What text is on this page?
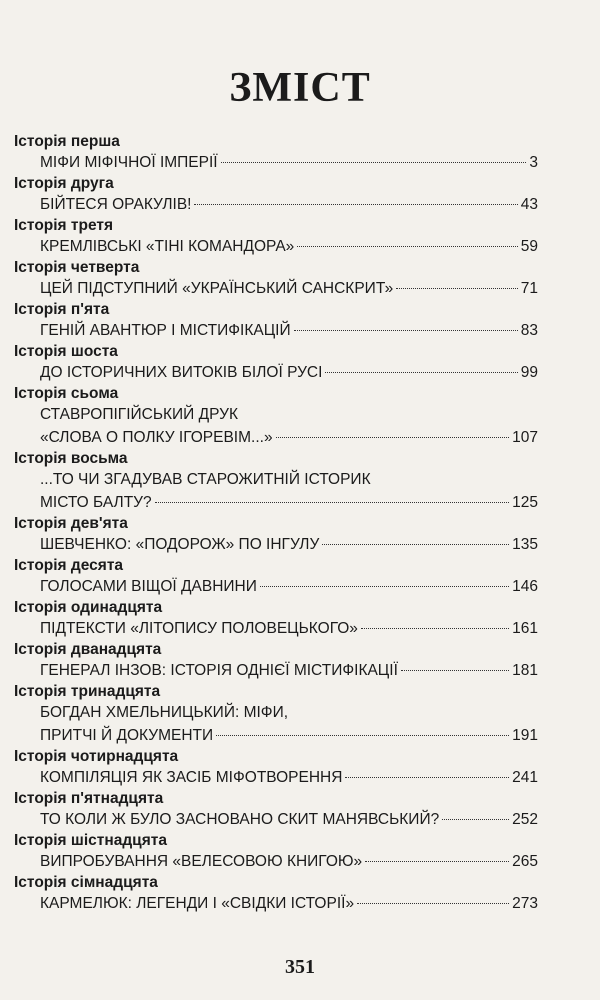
ЗМІСТ
Історія перша
МІФИ МІФІЧНОЇ ІМПЕРІЇ	3
Історія друга
БІЙТЕСЯ ОРАКУЛІВ!	43
Історія третя
КРЕМЛІВСЬКІ «ТІНІ КОМАНДОРА»	59
Історія четверта
ЦЕЙ ПІДСТУПНИЙ «УКРАЇНСЬКИЙ САНСКРИТ»	71
Історія п'ята
ГЕНІЙ АВАНТЮР І МІСТИФІКАЦІЙ	83
Історія шоста
ДО ІСТОРИЧНИХ ВИТОКІВ БІЛОЇ РУСІ	99
Історія сьома
СТАВРОПІГІЙСЬКИЙ ДРУК
«СЛОВА О ПОЛКУ ІГОРЕВІМ...»	107
Історія восьма
...ТО ЧИ ЗГАДУВАВ СТАРОЖИТНІЙ ІСТОРИК
МІСТО БАЛТУ?	125
Історія дев'ята
ШЕВЧЕНКО: «ПОДОРОЖ» ПО ІНГУЛУ	135
Історія десята
ГОЛОСАМИ ВІЩОЇ ДАВНИНИ	146
Історія одинадцята
ПІДТЕКСТИ «ЛІТОПИСУ ПОЛОВЕЦЬКОГО»	161
Історія дванадцята
ГЕНЕРАЛ ІНЗОВ: ІСТОРІЯ ОДНІЄЇ МІСТИФІКАЦІЇ	181
Історія тринадцята
БОГДАН ХМЕЛЬНИЦЬКИЙ: МІФИ,
ПРИТЧІ Й ДОКУМЕНТИ	191
Історія чотирнадцята
КОМПІЛЯЦІЯ ЯК ЗАСІБ МІФОТВОРЕННЯ	241
Історія п'ятнадцята
ТО КОЛИ Ж БУЛО ЗАСНОВАНО СКИТ МАНЯВСЬКИЙ?	252
Історія шістнадцята
ВИПРОБУВАННЯ «ВЕЛЕСОВОЮ КНИГОЮ»	265
Історія сімнадцята
КАРМЕЛЮК: ЛЕГЕНДИ І «СВІДКИ ІСТОРІЇ»	273
351
